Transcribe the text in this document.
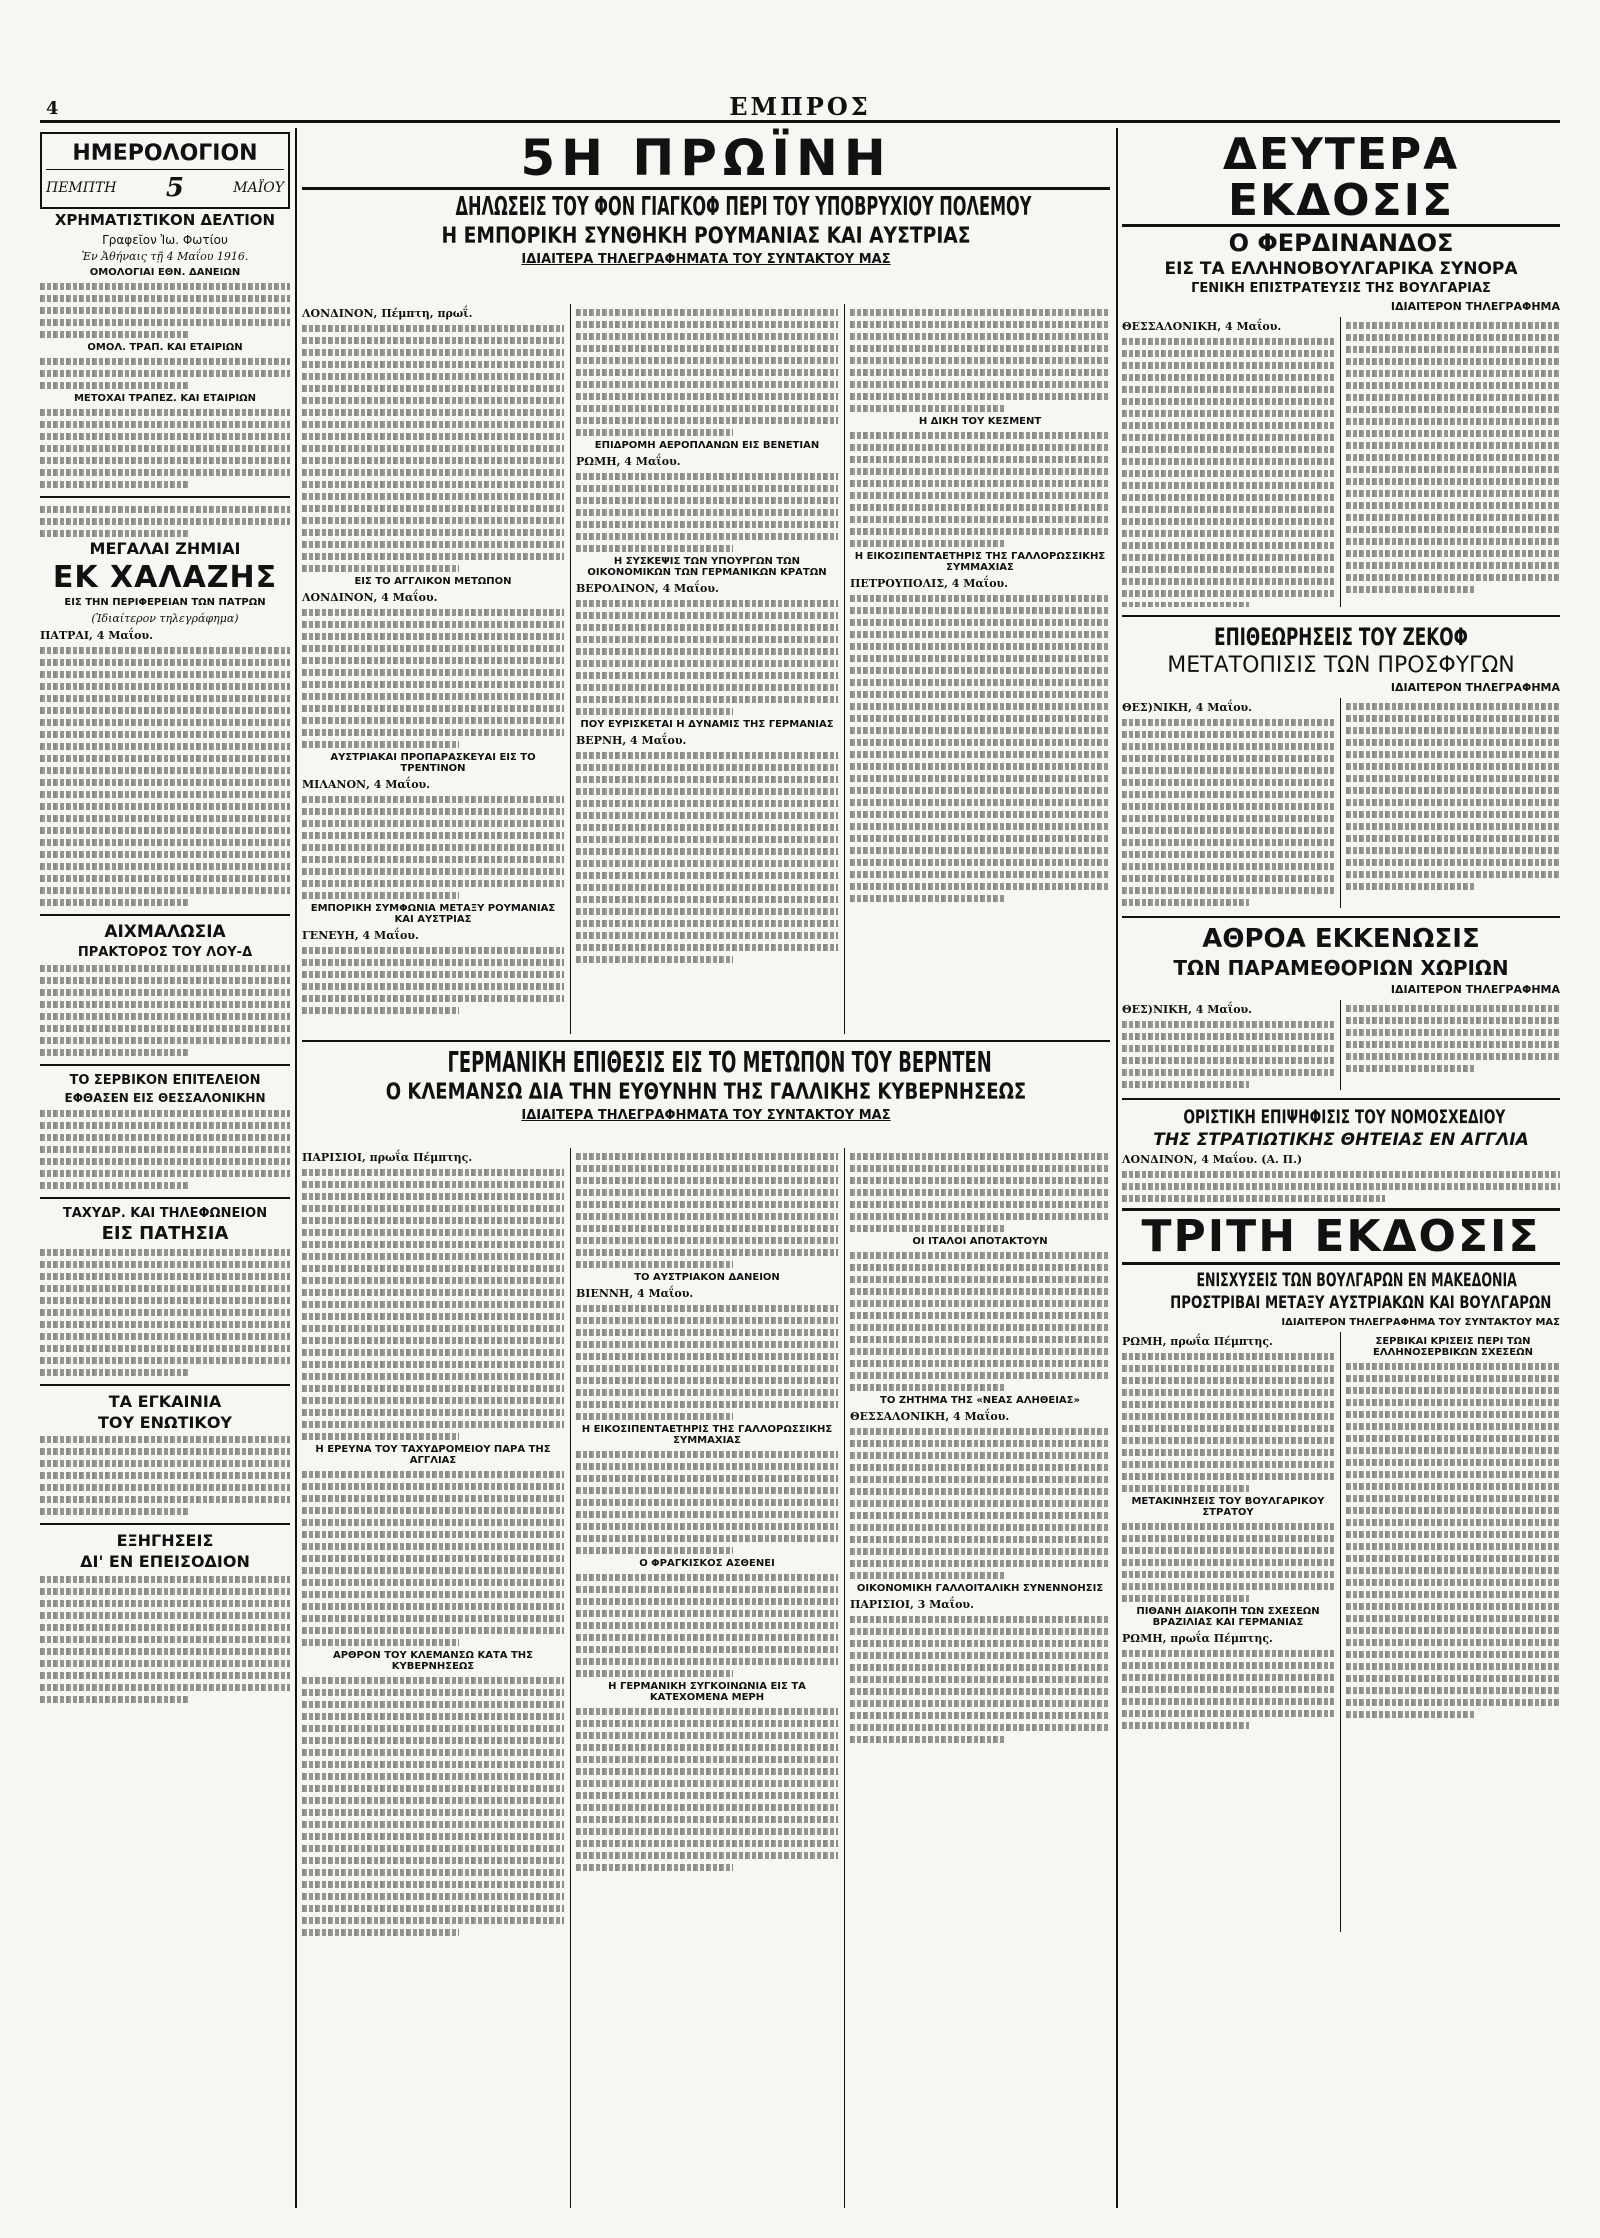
4	ΕΜΠΡΟΣ
ΗΜΕΡΟΛΟΓΙΟΝ
ΠΕΜΠΤΗ 5	ΜΑΪΟΥ
ΧΡΗΜΑΤΙΣΤΙΚΟΝ ΔΕΛΤΙΟΝ
Γραφεῖον Ἰω. Φωτίου
Ἐν Ἀθήναις τῇ 4 Μαΐου 1916.
ΟΜΟΛΟΓΙΑΙ ΕΘΝ. ΔΑΝΕΙΩΝ
ΟΜΟΛ. ΤΡΑΠ. ΚΑΙ ΕΤΑΙΡΙΩΝ
ΜΕΤΟΧΑΙ ΤΡΑΠΕΖ. ΚΑΙ ΕΤΑΙΡΙΩΝ
ΜΕΓΑΛΑΙ ΖΗΜΙΑΙ
ΕΚ ΧΑΛΑΖΗΣ
ΕΙΣ ΤΗΝ ΠΕΡΙΦΕΡΕΙΑΝ ΤΩΝ ΠΑΤΡΩΝ
(Ἰδιαίτερον τηλεγράφημα)
ΠΑΤΡΑΙ, 4 Μαΐου.
ΑΙΧΜΑΛΩΣΙΑ
ΠΡΑΚΤΟΡΟΣ ΤΟΥ ΛΟΥ-Δ
ΤΟ ΣΕΡΒΙΚΟΝ ΕΠΙΤΕΛΕΙΟΝ
ΕΦΘΑΣΕΝ ΕΙΣ ΘΕΣΣΑΛΟΝΙΚΗΝ
ΤΑΧΥΔΡ. ΚΑΙ ΤΗΛΕΦΩΝΕΙΟΝ
ΕΙΣ ΠΑΤΗΣΙΑ
ΤΑ ΕΓΚΑΙΝΙΑ
ΤΟΥ ΕΝΩΤΙΚΟΥ
ΕΞΗΓΗΣΕΙΣ
ΔΙ' ΕΝ ΕΠΕΙΣΟΔΙΟΝ
5Η ΠΡΩΪΝΗ
ΔΗΛΩΣΕΙΣ ΤΟΥ ΦΟΝ ΓΙΑΓΚΟΦ ΠΕΡΙ ΤΟΥ ΥΠΟΒΡΥΧΙΟΥ ΠΟΛΕΜΟΥ
Η ΕΜΠΟΡΙΚΗ ΣΥΝΘΗΚΗ ΡΟΥΜΑΝΙΑΣ ΚΑΙ ΑΥΣΤΡΙΑΣ
ΙΔΙΑΙΤΕΡΑ ΤΗΛΕΓΡΑΦΗΜΑΤΑ ΤΟΥ ΣΥΝΤΑΚΤΟΥ ΜΑΣ
ΛΟΝΔΙΝΟΝ, Πέμπτη, πρωΐ.
ΕΙΣ ΤΟ ΑΓΓΛΙΚΟΝ ΜΕΤΩΠΟΝ
ΛΟΝΔΙΝΟΝ, 4 Μαΐου.
ΑΥΣΤΡΙΑΚΑΙ ΠΡΟΠΑΡΑΣΚΕΥΑΙ ΕΙΣ ΤΟ ΤΡΕΝΤΙΝΟΝ
ΜΙΛΑΝΟΝ, 4 Μαΐου.
ΕΜΠΟΡΙΚΗ ΣΥΜΦΩΝΙΑ ΜΕΤΑΞΥ ΡΟΥΜΑΝΙΑΣ ΚΑΙ ΑΥΣΤΡΙΑΣ
ΓΕΝΕΥΗ, 4 Μαΐου.
ΕΠΙΔΡΟΜΗ ΑΕΡΟΠΛΑΝΩΝ ΕΙΣ ΒΕΝΕΤΙΑΝ
ΡΩΜΗ, 4 Μαΐου.
Η ΣΥΣΚΕΨΙΣ ΤΩΝ ΥΠΟΥΡΓΩΝ ΤΩΝ ΟΙΚΟΝΟΜΙΚΩΝ ΤΩΝ ΓΕΡΜΑΝΙΚΩΝ ΚΡΑΤΩΝ
ΒΕΡΟΛΙΝΟΝ, 4 Μαΐου.
ΠΟΥ ΕΥΡΙΣΚΕΤΑΙ Η ΔΥΝΑΜΙΣ ΤΗΣ ΓΕΡΜΑΝΙΑΣ
ΒΕΡΝΗ, 4 Μαΐου.
Η ΔΙΚΗ ΤΟΥ ΚΕΣΜΕΝΤ
Η ΕΙΚΟΣΙΠΕΝΤΑΕΤΗΡΙΣ ΤΗΣ ΓΑΛΛΟΡΩΣΣΙΚΗΣ ΣΥΜΜΑΧΙΑΣ
ΠΕΤΡΟΥΠΟΛΙΣ, 4 Μαΐου.
ΓΕΡΜΑΝΙΚΗ ΕΠΙΘΕΣΙΣ ΕΙΣ ΤΟ ΜΕΤΩΠΟΝ ΤΟΥ ΒΕΡΝΤΕΝ
Ο ΚΛΕΜΑΝΣΩ ΔΙΑ ΤΗΝ ΕΥΘΥΝΗΝ ΤΗΣ ΓΑΛΛΙΚΗΣ ΚΥΒΕΡΝΗΣΕΩΣ
ΙΔΙΑΙΤΕΡΑ ΤΗΛΕΓΡΑΦΗΜΑΤΑ ΤΟΥ ΣΥΝΤΑΚΤΟΥ ΜΑΣ
ΠΑΡΙΣΙΟΙ, πρωΐα Πέμπτης.
Η ΕΡΕΥΝΑ ΤΟΥ ΤΑΧΥΔΡΟΜΕΙΟΥ ΠΑΡΑ ΤΗΣ ΑΓΓΛΙΑΣ
ΑΡΘΡΟΝ ΤΟΥ ΚΛΕΜΑΝΣΩ ΚΑΤΑ ΤΗΣ ΚΥΒΕΡΝΗΣΕΩΣ
ΤΟ ΑΥΣΤΡΙΑΚΟΝ ΔΑΝΕΙΟΝ
ΒΙΕΝΝΗ, 4 Μαΐου.
Η ΕΙΚΟΣΙΠΕΝΤΑΕΤΗΡΙΣ ΤΗΣ ΓΑΛΛΟΡΩΣΣΙΚΗΣ ΣΥΜΜΑΧΙΑΣ
Ο ΦΡΑΓΚΙΣΚΟΣ ΑΣΘΕΝΕΙ
Η ΓΕΡΜΑΝΙΚΗ ΣΥΓΚΟΙΝΩΝΙΑ ΕΙΣ ΤΑ ΚΑΤΕΧΟΜΕΝΑ ΜΕΡΗ
ΟΙ ΙΤΑΛΟΙ ΑΠΟΤΑΚΤΟΥΝ
ΤΟ ΖΗΤΗΜΑ ΤΗΣ «ΝΕΑΣ ΑΛΗΘΕΙΑΣ»
ΘΕΣΣΑΛΟΝΙΚΗ, 4 Μαΐου.
ΟΙΚΟΝΟΜΙΚΗ ΓΑΛΛΟΙΤΑΛΙΚΗ ΣΥΝΕΝΝΟΗΣΙΣ
ΠΑΡΙΣΙΟΙ, 3 Μαΐου.
ΔΕΥΤΕΡΑ ΕΚΔΟΣΙΣ
Ο ΦΕΡΔΙΝΑΝΔΟΣ
ΕΙΣ ΤΑ ΕΛΛΗΝΟΒΟΥΛΓΑΡΙΚΑ ΣΥΝΟΡΑ
ΓΕΝΙΚΗ ΕΠΙΣΤΡΑΤΕΥΣΙΣ ΤΗΣ ΒΟΥΛΓΑΡΙΑΣ
ΙΔΙΑΙΤΕΡΟΝ ΤΗΛΕΓΡΑΦΗΜΑ
ΘΕΣΣΑΛΟΝΙΚΗ, 4 Μαΐου.
ΕΠΙΘΕΩΡΗΣΕΙΣ ΤΟΥ ΖΕΚΟΦ
ΜΕΤΑΤΟΠΙΣΙΣ ΤΩΝ ΠΡΟΣΦΥΓΩΝ
ΙΔΙΑΙΤΕΡΟΝ ΤΗΛΕΓΡΑΦΗΜΑ
ΘΕΣ)ΝΙΚΗ, 4 Μαΐου.
ΑΘΡΟΑ ΕΚΚΕΝΩΣΙΣ
ΤΩΝ ΠΑΡΑΜΕΘΟΡΙΩΝ ΧΩΡΙΩΝ
ΙΔΙΑΙΤΕΡΟΝ ΤΗΛΕΓΡΑΦΗΜΑ
ΘΕΣ)ΝΙΚΗ, 4 Μαΐου.
ΟΡΙΣΤΙΚΗ ΕΠΙΨΗΦΙΣΙΣ ΤΟΥ ΝΟΜΟΣΧΕΔΙΟΥ
ΤΗΣ ΣΤΡΑΤΙΩΤΙΚΗΣ ΘΗΤΕΙΑΣ ΕΝ ΑΓΓΛΙΑ
ΛΟΝΔΙΝΟΝ, 4 Μαΐου. (Α. Π.)
ΤΡΙΤΗ ΕΚΔΟΣΙΣ
ΕΝΙΣΧΥΣΕΙΣ ΤΩΝ ΒΟΥΛΓΑΡΩΝ ΕΝ ΜΑΚΕΔΟΝΙΑ
ΠΡΟΣΤΡΙΒΑΙ ΜΕΤΑΞΥ ΑΥΣΤΡΙΑΚΩΝ ΚΑΙ ΒΟΥΛΓΑΡΩΝ
ΙΔΙΑΙΤΕΡΟΝ ΤΗΛΕΓΡΑΦΗΜΑ ΤΟΥ ΣΥΝΤΑΚΤΟΥ ΜΑΣ
ΡΩΜΗ, πρωΐα Πέμπτης.
ΜΕΤΑΚΙΝΗΣΕΙΣ ΤΟΥ ΒΟΥΛΓΑΡΙΚΟΥ ΣΤΡΑΤΟΥ
ΠΙΘΑΝΗ ΔΙΑΚΟΠΗ ΤΩΝ ΣΧΕΣΕΩΝ ΒΡΑΖΙΛΙΑΣ ΚΑΙ ΓΕΡΜΑΝΙΑΣ
ΡΩΜΗ, πρωΐα Πέμπτης.
ΣΕΡΒΙΚΑΙ ΚΡΙΣΕΙΣ ΠΕΡΙ ΤΩΝ ΕΛΛΗΝΟΣΕΡΒΙΚΩΝ ΣΧΕΣΕΩΝ
